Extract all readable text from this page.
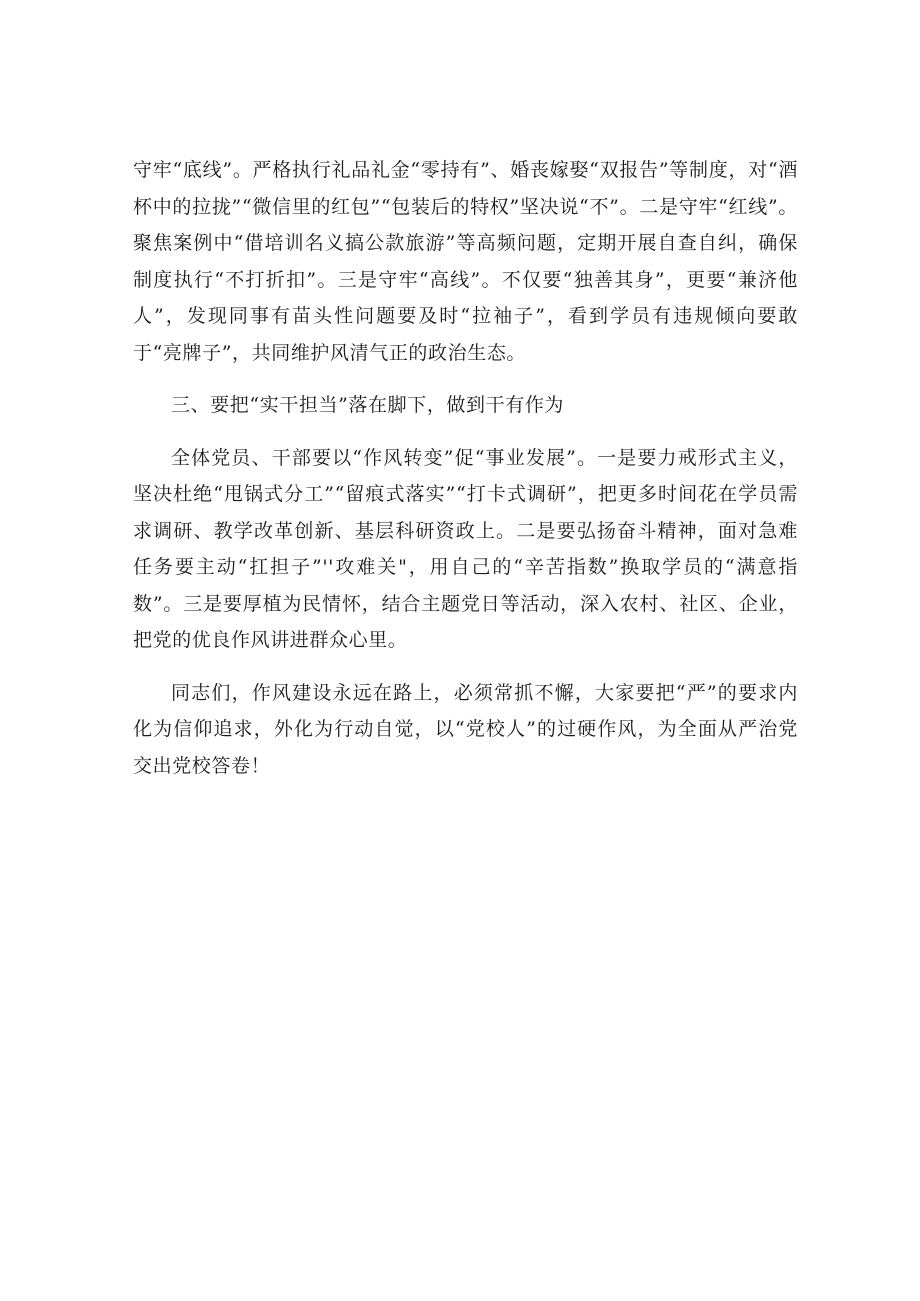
守牢“底线”。严格执行礼品礼金“零持有”、婚丧嫁娶“双报告”等制度，对“酒杯中的拉拢”“微信里的红包”“包装后的特权”坚决说“不”。二是守牢“红线”。聚焦案例中“借培训名义搞公款旅游”等高频问题，定期开展自查自纠，确保制度执行“不打折扣”。三是守牢“高线”。不仅要“独善其身”，更要“兼济他人”，发现同事有苗头性问题要及时“拉袖子”，看到学员有违规倾向要敢于“亮牌子”，共同维护风清气正的政治生态。

三、要把“实干担当”落在脚下，做到干有作为

全体党员、干部要以“作风转变”促“事业发展”。一是要力戒形式主义，坚决杜绝“甩锅式分工”“留痕式落实”“打卡式调研”，把更多时间花在学员需求调研、教学改革创新、基层科研资政上。二是要弘扬奋斗精神，面对急难任务要主动“扛担子”''攻难关"，用自己的“辛苦指数”换取学员的“满意指数”。三是要厚植为民情怀，结合主题党日等活动，深入农村、社区、企业，把党的优良作风讲进群众心里。

同志们，作风建设永远在路上，必须常抓不懈，大家要把“严”的要求内化为信仰追求，外化为行动自觉，以“党校人”的过硬作风，为全面从严治党交出党校答卷！
